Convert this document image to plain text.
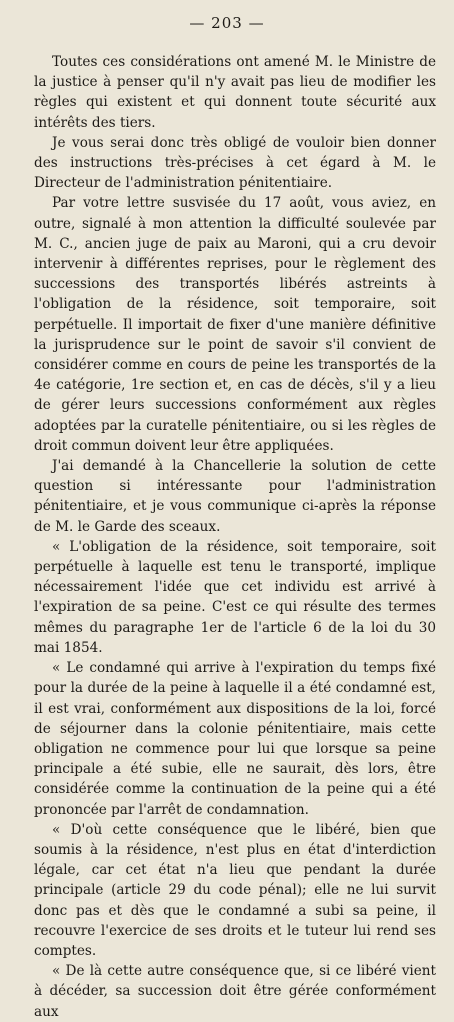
— 203 —

Toutes ces considérations ont amené M. le Ministre de la justice à penser qu'il n'y avait pas lieu de modifier les règles qui existent et qui donnent toute sécurité aux intérêts des tiers.

Je vous serai donc très obligé de vouloir bien donner des instructions très-précises à cet égard à M. le Directeur de l'administration pénitentiaire.

Par votre lettre susvisée du 17 août, vous aviez, en outre, signalé à mon attention la difficulté soulevée par M. C., ancien juge de paix au Maroni, qui a cru devoir intervenir à différentes reprises, pour le règlement des successions des transportés libérés astreints à l'obligation de la résidence, soit temporaire, soit perpétuelle. Il importait de fixer d'une manière définitive la jurisprudence sur le point de savoir s'il convient de considérer comme en cours de peine les transportés de la 4e catégorie, 1re section et, en cas de décès, s'il y a lieu de gérer leurs successions conformément aux règles adoptées par la curatelle pénitentiaire, ou si les règles de droit commun doivent leur être appliquées.

J'ai demandé à la Chancellerie la solution de cette question si intéressante pour l'administration pénitentiaire, et je vous communique ci-après la réponse de M. le Garde des sceaux.

« L'obligation de la résidence, soit temporaire, soit perpétuelle à laquelle est tenu le transporté, implique nécessairement l'idée que cet individu est arrivé à l'expiration de sa peine. C'est ce qui résulte des termes mêmes du paragraphe 1er de l'article 6 de la loi du 30 mai 1854.

« Le condamné qui arrive à l'expiration du temps fixé pour la durée de la peine à laquelle il a été condamné est, il est vrai, conformément aux dispositions de la loi, forcé de séjourner dans la colonie pénitentiaire, mais cette obligation ne commence pour lui que lorsque sa peine principale a été subie, elle ne saurait, dès lors, être considérée comme la continuation de la peine qui a été prononcée par l'arrêt de condamnation.

« D'où cette conséquence que le libéré, bien que soumis à la résidence, n'est plus en état d'interdiction légale, car cet état n'a lieu que pendant la durée principale (article 29 du code pénal); elle ne lui survit donc pas et dès que le condamné a subi sa peine, il recouvre l'exercice de ses droits et le tuteur lui rend ses comptes.

« De là cette autre conséquence que, si ce libéré vient à décéder, sa succession doit être gérée conformément aux
